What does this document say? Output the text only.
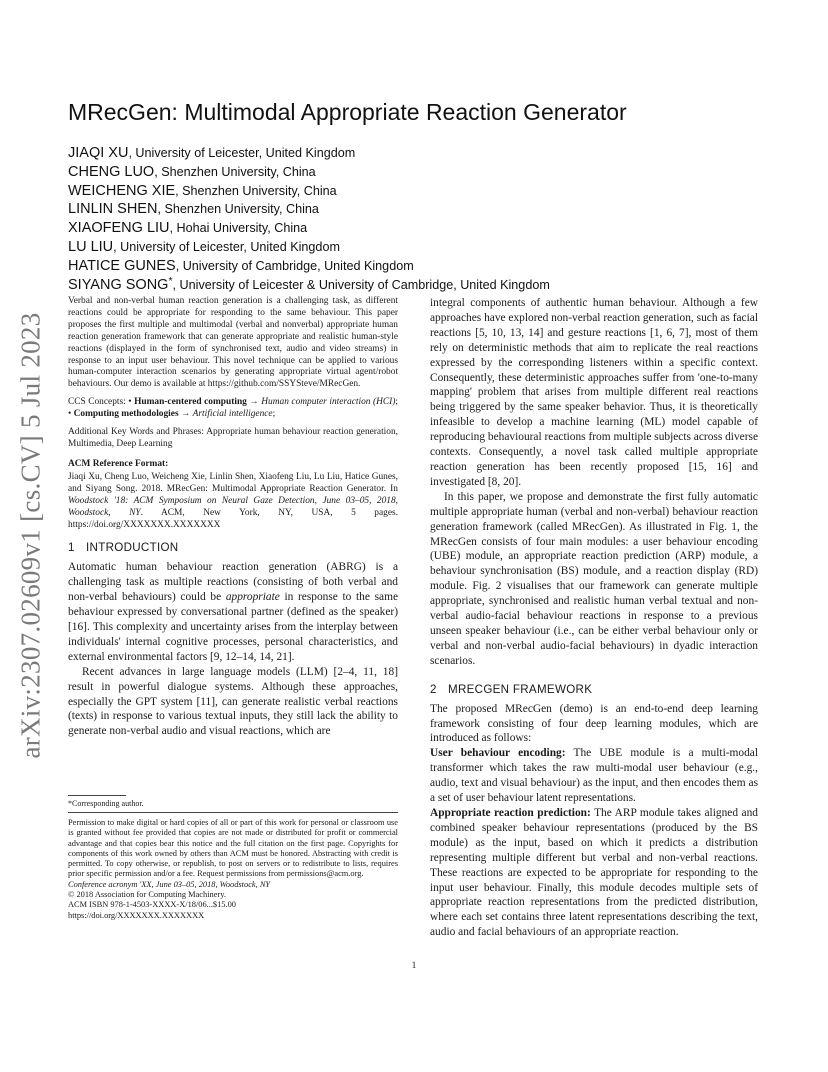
arXiv:2307.02609v1 [cs.CV] 5 Jul 2023
MRecGen: Multimodal Appropriate Reaction Generator
JIAQI XU, University of Leicester, United Kingdom
CHENG LUO, Shenzhen University, China
WEICHENG XIE, Shenzhen University, China
LINLIN SHEN, Shenzhen University, China
XIAOFENG LIU, Hohai University, China
LU LIU, University of Leicester, United Kingdom
HATICE GUNES, University of Cambridge, United Kingdom
SIYANG SONG*, University of Leicester & University of Cambridge, United Kingdom

Verbal and non-verbal human reaction generation is a challenging task, as different reactions could be appropriate for responding to the same behaviour. This paper proposes the first multiple and multimodal (verbal and nonverbal) appropriate human reaction generation framework that can generate appropriate and realistic human-style reactions (displayed in the form of synchronised text, audio and video streams) in response to an input user behaviour. This novel technique can be applied to various human-computer interaction scenarios by generating appropriate virtual agent/robot behaviours. Our demo is available at https://github.com/SSYSteve/MRecGen.

CCS Concepts: • Human-centered computing → Human computer interaction (HCI); • Computing methodologies → Artificial intelligence;

Additional Key Words and Phrases: Appropriate human behaviour reaction generation, Multimedia, Deep Learning

ACM Reference Format:

Jiaqi Xu, Cheng Luo, Weicheng Xie, Linlin Shen, Xiaofeng Liu, Lu Liu, Hatice Gunes, and Siyang Song. 2018. MRecGen: Multimodal Appropriate Reaction Generator. In Woodstock '18: ACM Symposium on Neural Gaze Detection, June 03–05, 2018, Woodstock, NY. ACM, New York, NY, USA, 5 pages. https://doi.org/XXXXXXX.XXXXXXX

1 INTRODUCTION

Automatic human behaviour reaction generation (ABRG) is a challenging task as multiple reactions (consisting of both verbal and non-verbal behaviours) could be appropriate in response to the same behaviour expressed by conversational partner (defined as the speaker) [16]. This complexity and uncertainty arises from the interplay between individuals' internal cognitive processes, personal characteristics, and external environmental factors [9, 12–14, 14, 21].

Recent advances in large language models (LLM) [2–4, 11, 18] result in powerful dialogue systems. Although these approaches, especially the GPT system [11], can generate realistic verbal reactions (texts) in response to various textual inputs, they still lack the ability to generate non-verbal audio and visual reactions, which are

*Corresponding author.

Permission to make digital or hard copies of all or part of this work for personal or classroom use is granted without fee provided that copies are not made or distributed for profit or commercial advantage and that copies bear this notice and the full citation on the first page. Copyrights for components of this work owned by others than ACM must be honored. Abstracting with credit is permitted. To copy otherwise, or republish, to post on servers or to redistribute to lists, requires prior specific permission and/or a fee. Request permissions from permissions@acm.org.

Conference acronym 'XX, June 03–05, 2018, Woodstock, NY

© 2018 Association for Computing Machinery.

ACM ISBN 978-1-4503-XXXX-X/18/06...$15.00

https://doi.org/XXXXXXX.XXXXXXX

integral components of authentic human behaviour. Although a few approaches have explored non-verbal reaction generation, such as facial reactions [5, 10, 13, 14] and gesture reactions [1, 6, 7], most of them rely on deterministic methods that aim to replicate the real reactions expressed by the corresponding listeners within a specific context. Consequently, these deterministic approaches suffer from 'one-to-many mapping' problem that arises from multiple different real reactions being triggered by the same speaker behavior. Thus, it is theoretically infeasible to develop a machine learning (ML) model capable of reproducing behavioural reactions from multiple subjects across diverse contexts. Consequently, a novel task called multiple appropriate reaction generation has been recently proposed [15, 16] and investigated [8, 20].

In this paper, we propose and demonstrate the first fully automatic multiple appropriate human (verbal and non-verbal) behaviour reaction generation framework (called MRecGen). As illustrated in Fig. 1, the MRecGen consists of four main modules: a user behaviour encoding (UBE) module, an appropriate reaction prediction (ARP) module, a behaviour synchronisation (BS) module, and a reaction display (RD) module. Fig. 2 visualises that our framework can generate multiple appropriate, synchronised and realistic human verbal textual and non-verbal audio-facial behaviour reactions in response to a previous unseen speaker behaviour (i.e., can be either verbal behaviour only or verbal and non-verbal audio-facial behaviours) in dyadic interaction scenarios.

2 MRECGEN FRAMEWORK

The proposed MRecGen (demo) is an end-to-end deep learning framework consisting of four deep learning modules, which are introduced as follows:

User behaviour encoding: The UBE module is a multi-modal transformer which takes the raw multi-modal user behaviour (e.g., audio, text and visual behaviour) as the input, and then encodes them as a set of user behaviour latent representations.

Appropriate reaction prediction: The ARP module takes aligned and combined speaker behaviour representations (produced by the BS module) as the input, based on which it predicts a distribution representing multiple different but verbal and non-verbal reactions. These reactions are expected to be appropriate for responding to the input user behaviour. Finally, this module decodes multiple sets of appropriate reaction representations from the predicted distribution, where each set contains three latent representations describing the text, audio and facial behaviours of an appropriate reaction.

1
